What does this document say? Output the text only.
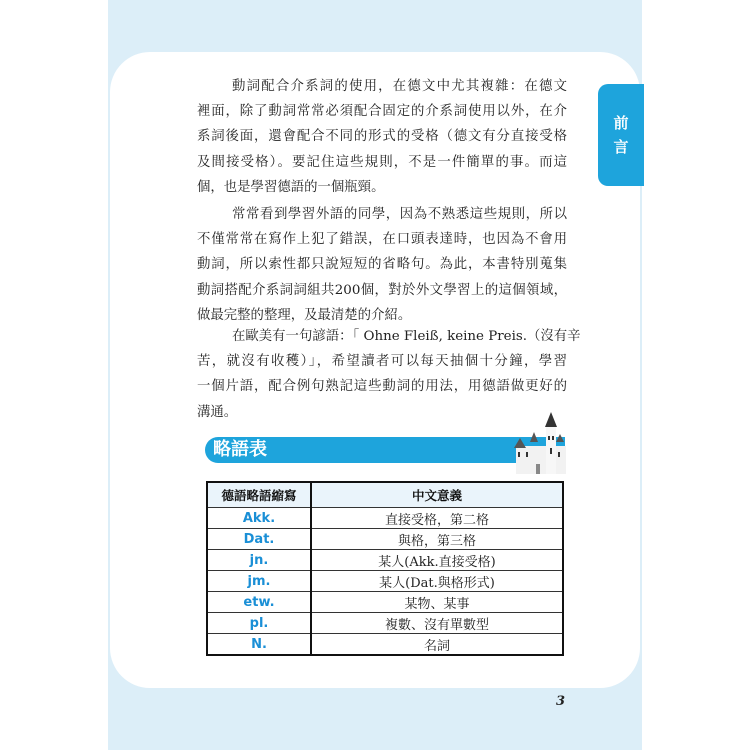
前
言
動詞配合介系詞的使用，在德文中尤其複雜：在德文
裡面，除了動詞常常必須配合固定的介系詞使用以外，在介
系詞後面，還會配合不同的形式的受格（德文有分直接受格
及間接受格）。要記住這些規則，不是一件簡單的事。而這
個，也是學習德語的一個瓶頸。
常常看到學習外語的同學，因為不熟悉這些規則，所以
不僅常常在寫作上犯了錯誤，在口頭表達時，也因為不會用
動詞，所以索性都只說短短的省略句。為此，本書特別蒐集
動詞搭配介系詞詞組共200個，對於外文學習上的這個領域，
做最完整的整理，及最清楚的介紹。
在歐美有一句諺語：「 Ohne Fleiß, keine Preis.（沒有辛
苦，就沒有收穫）」，希望讀者可以每天抽個十分鐘，學習
一個片語，配合例句熟記這些動詞的用法，用德語做更好的
溝通。
略語表
德語略語縮寫	中文意義
Akk.	直接受格，第二格
Dat.	與格，第三格
jn.	某人(Akk.直接受格)
jm.	某人(Dat.與格形式)
etw.	某物、某事
pl.	複數、沒有單數型
N.	名詞
3
